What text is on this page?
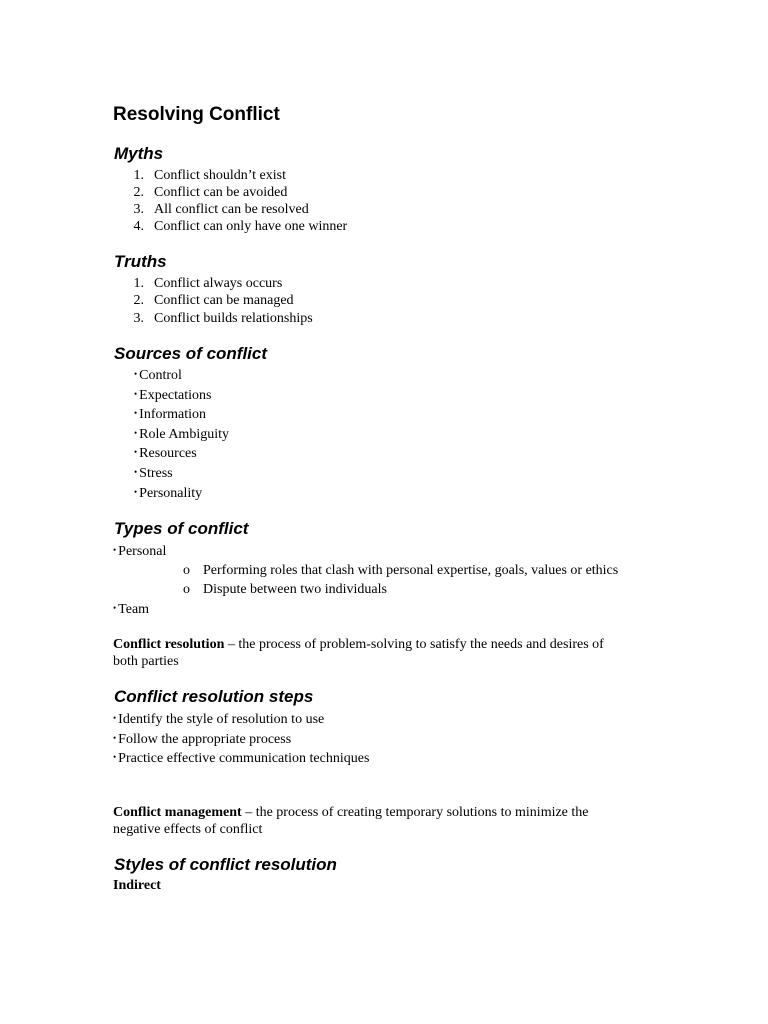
Resolving Conflict
Myths
1. Conflict shouldn’t exist
2. Conflict can be avoided
3. All conflict can be resolved
4. Conflict can only have one winner
Truths
1. Conflict always occurs
2. Conflict can be managed
3. Conflict builds relationships
Sources of conflict
• Control
• Expectations
• Information
• Role Ambiguity
• Resources
• Stress
• Personality
Types of conflict
• Personal
o Performing roles that clash with personal expertise, goals, values or ethics
o Dispute between two individuals
• Team
Conflict resolution – the process of problem-solving to satisfy the needs and desires of
both parties
Conflict resolution steps
• Identify the style of resolution to use
• Follow the appropriate process
• Practice effective communication techniques
Conflict management – the process of creating temporary solutions to minimize the
negative effects of conflict
Styles of conflict resolution
Indirect
